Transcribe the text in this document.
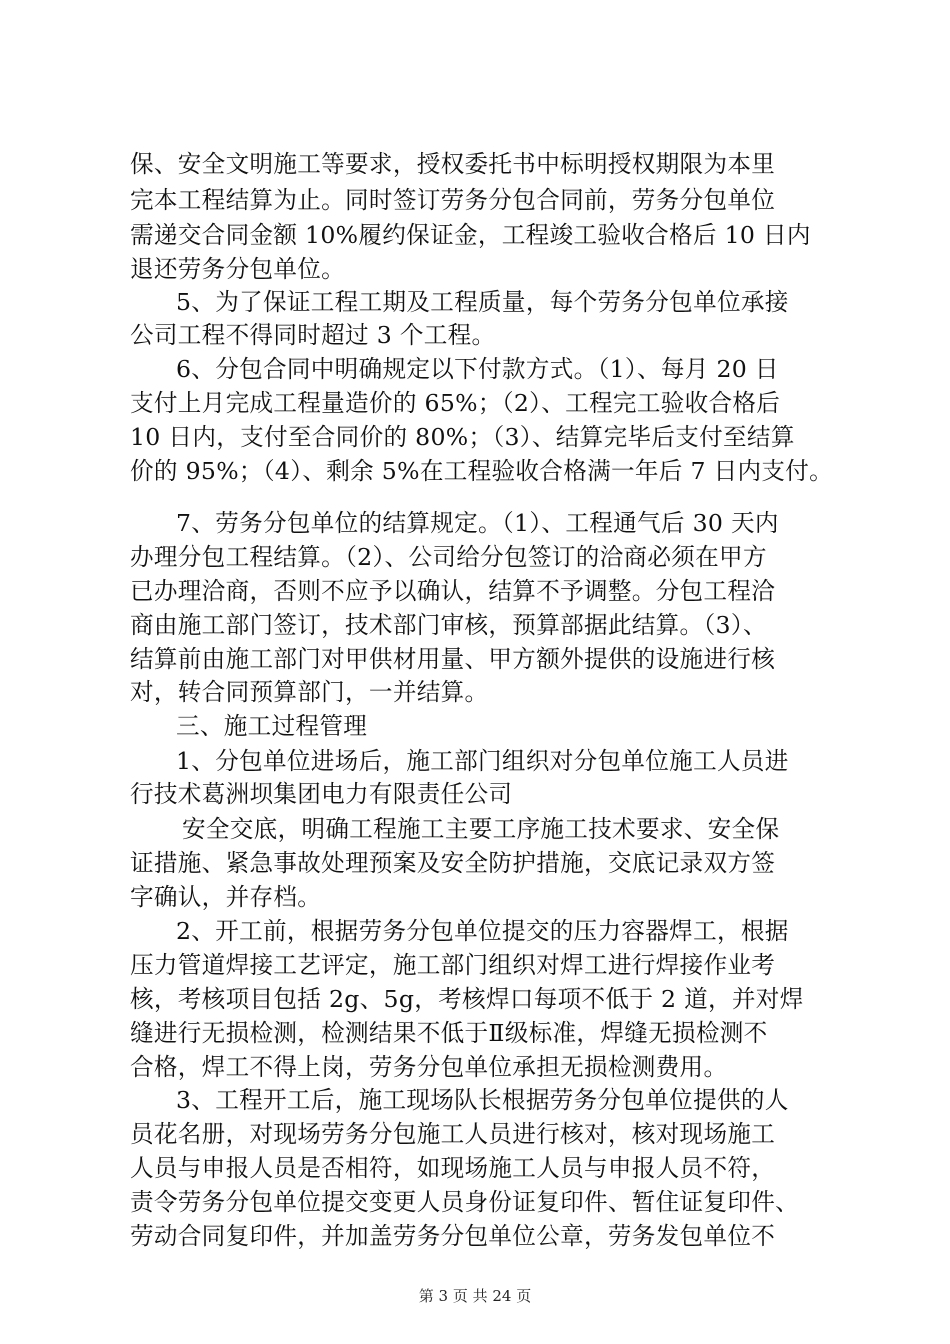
保、安全文明施工等要求，授权委托书中标明授权期限为本里
完本工程结算为止。同时签订劳务分包合同前，劳务分包单位
需递交合同金额 10%履约保证金，工程竣工验收合格后 10 日内
退还劳务分包单位。
5、为了保证工程工期及工程质量，每个劳务分包单位承接
公司工程不得同时超过 3 个工程。
6、分包合同中明确规定以下付款方式。（1）、每月 20 日
支付上月完成工程量造价的 65%；（2）、工程完工验收合格后
10 日内，支付至合同价的 80%；（3）、结算完毕后支付至结算
价的 95%；（4）、剩余 5%在工程验收合格满一年后 7 日内支付。
7、劳务分包单位的结算规定。（1）、工程通气后 30 天内
办理分包工程结算。（2）、公司给分包签订的洽商必须在甲方
已办理洽商，否则不应予以确认，结算不予调整。分包工程洽
商由施工部门签订，技术部门审核，预算部据此结算。（3）、
结算前由施工部门对甲供材用量、甲方额外提供的设施进行核
对，转合同预算部门，一并结算。
三、施工过程管理
1、分包单位进场后，施工部门组织对分包单位施工人员进
行技术葛洲坝集团电力有限责任公司
安全交底，明确工程施工主要工序施工技术要求、安全保
证措施、紧急事故处理预案及安全防护措施，交底记录双方签
字确认，并存档。
2、开工前，根据劳务分包单位提交的压力容器焊工，根据
压力管道焊接工艺评定，施工部门组织对焊工进行焊接作业考
核，考核项目包括 2g、5g，考核焊口每项不低于 2 道，并对焊
缝进行无损检测，检测结果不低于Ⅱ级标准，焊缝无损检测不
合格，焊工不得上岗，劳务分包单位承担无损检测费用。
3、工程开工后，施工现场队长根据劳务分包单位提供的人
员花名册，对现场劳务分包施工人员进行核对，核对现场施工
人员与申报人员是否相符，如现场施工人员与申报人员不符，
责令劳务分包单位提交变更人员身份证复印件、暂住证复印件、
劳动合同复印件，并加盖劳务分包单位公章，劳务发包单位不
第 3 页 共 24 页
